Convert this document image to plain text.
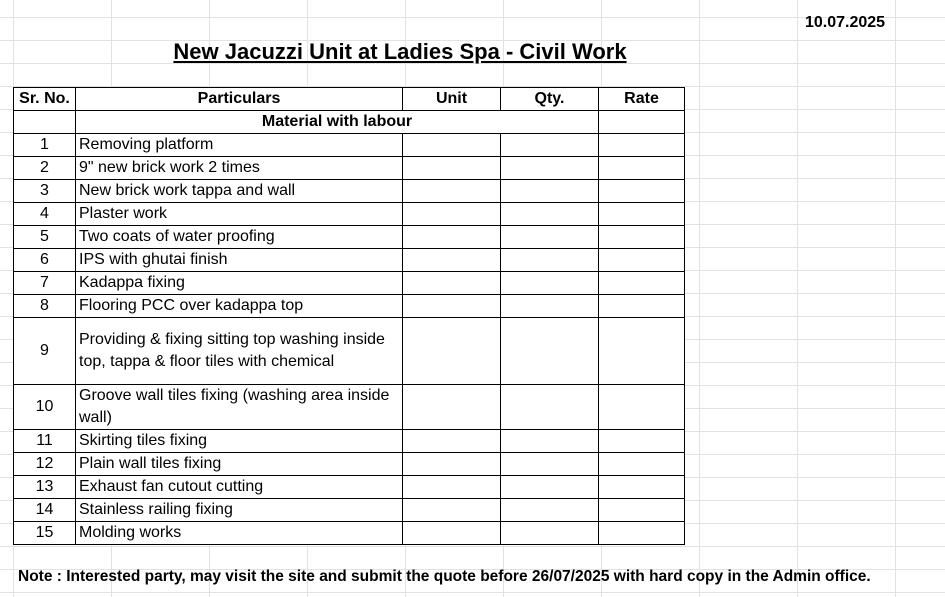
10.07.2025
New Jacuzzi Unit at Ladies Spa - Civil Work
Sr. No.	Particulars	Unit	Qty.	Rate
	Material with labour			
1	Removing platform			
2	9" new brick work 2 times			
3	New brick work tappa and wall			
4	Plaster work			
5	Two coats of water proofing			
6	IPS with ghutai finish			
7	Kadappa fixing			
8	Flooring PCC over kadappa top			
9	Providing & fixing sitting top washing inside top, tappa & floor tiles with chemical			
10	Groove wall tiles fixing (washing area inside wall)			
11	Skirting tiles fixing			
12	Plain wall tiles fixing			
13	Exhaust fan cutout cutting			
14	Stainless railing fixing			
15	Molding works			
Note : Interested party, may visit the site and submit the quote before 26/07/2025 with hard copy in the Admin office.
